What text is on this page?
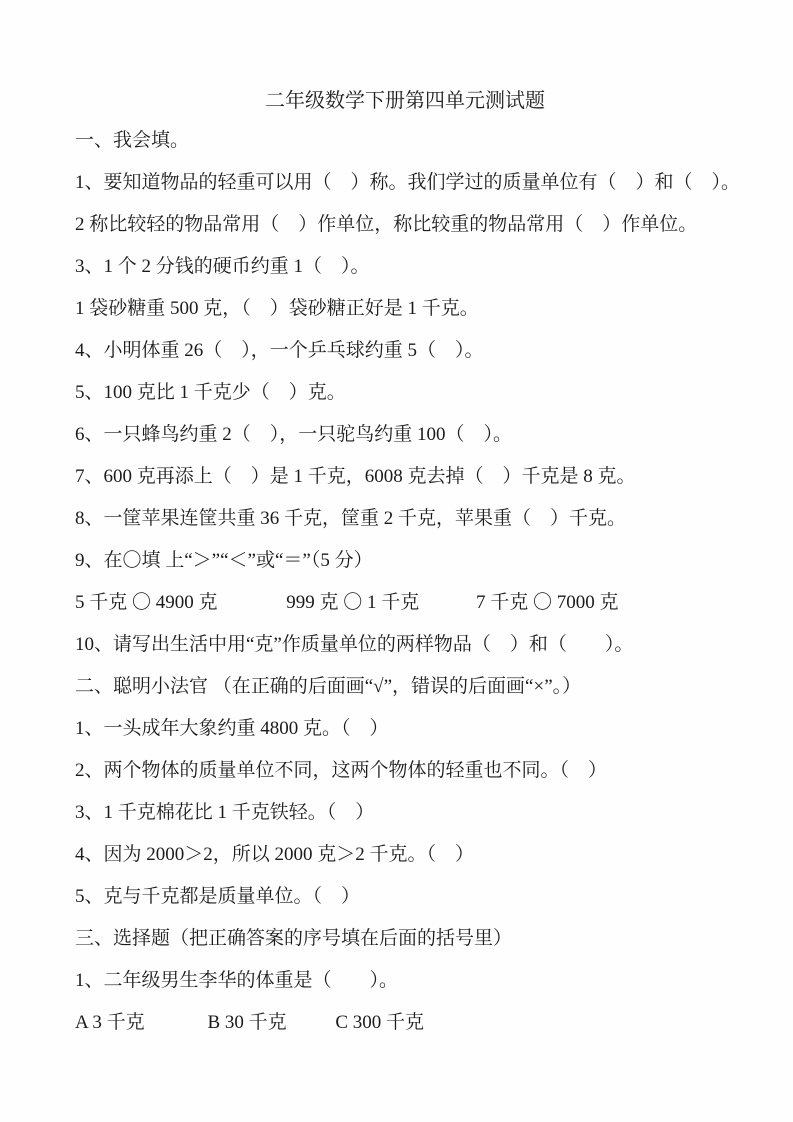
二年级数学下册第四单元测试题

一、我会填。

1、要知道物品的轻重可以用（　）称。我们学过的质量单位有（　）和（　）。

2 称比较轻的物品常用（　）作单位，称比较重的物品常用（　）作单位。

3、1 个 2 分钱的硬币约重 1（　）。

1 袋砂糖重 500 克，（　）袋砂糖正好是 1 千克。

4、小明体重 26（　），一个乒乓球约重 5（　）。

5、100 克比 1 千克少（　）克。

6、一只蜂鸟约重 2（　），一只驼鸟约重 100（　）。

7、600 克再添上（　）是 1 千克，6008 克去掉（　）千克是 8 克。

8、一筐苹果连筐共重 36 千克，筐重 2 千克，苹果重（　）千克。

9、在〇填 上“＞”“＜”或“＝”（5 分）

5 千克 〇 4900 克	999 克 〇 1 千克	7 千克 〇 7000 克

10、请写出生活中用“克”作质量单位的两样物品（　）和（　　）。

二、聪明小法官 （在正确的后面画“√”，错误的后面画“×”。）

1、一头成年大象约重 4800 克。（　）

2、两个物体的质量单位不同，这两个物体的轻重也不同。（　）

3、1 千克棉花比 1 千克铁轻。（　）

4、因为 2000＞2，所以 2000 克＞2 千克。（　）

5、克与千克都是质量单位。（　）

三、选择题（把正确答案的序号填在后面的括号里）

1、二年级男生李华的体重是（　　）。

A 3 千克	B 30 千克	C 300 千克
